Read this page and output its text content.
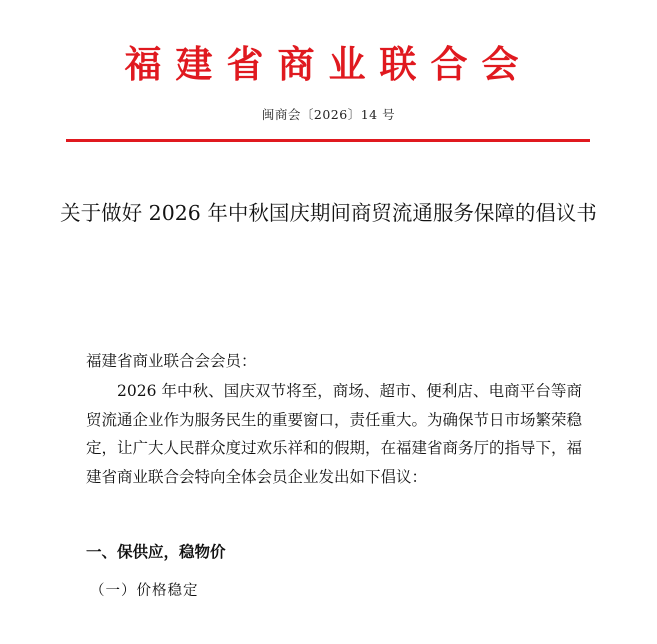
福建省商业联合会
闽商会〔2026〕14 号
关于做好 2026 年中秋国庆期间商贸流通服务保障的倡议书
福建省商业联合会会员：
2026 年中秋、国庆双节将至，商场、超市、便利店、电商平台等商贸流通企业作为服务民生的重要窗口，责任重大。为确保节日市场繁荣稳定，让广大人民群众度过欢乐祥和的假期，在福建省商务厅的指导下，福建省商业联合会特向全体会员企业发出如下倡议：
一、保供应，稳物价
（一）价格稳定
